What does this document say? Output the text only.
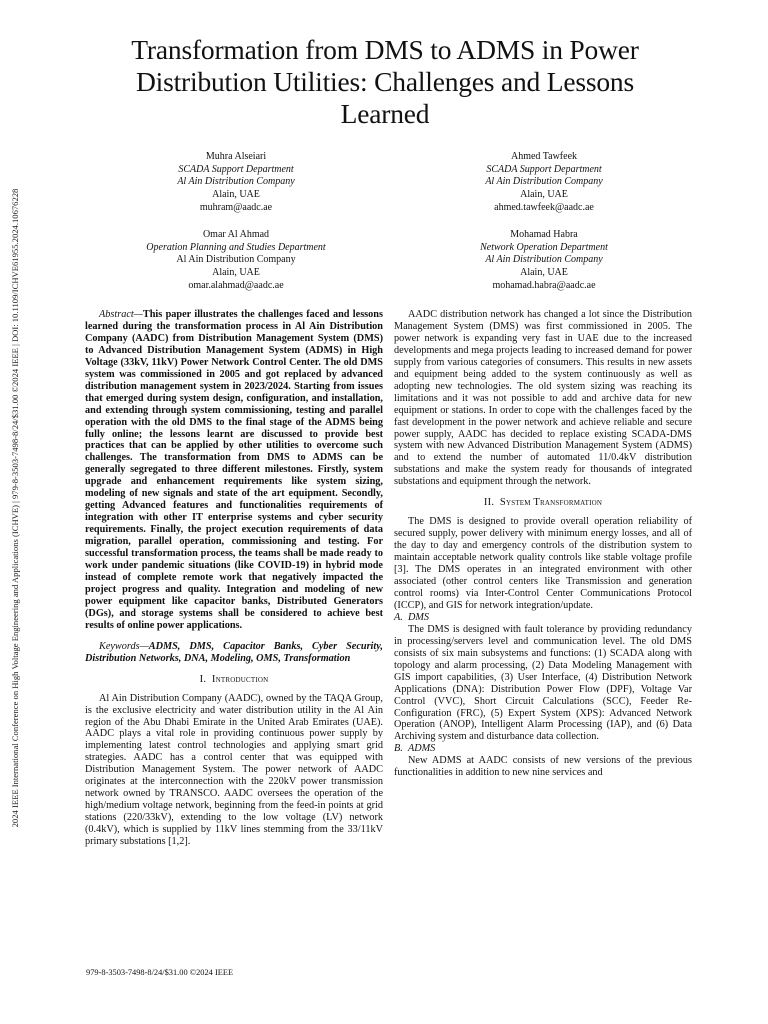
2024 IEEE International Conference on High Voltage Engineering and Applications (ICHVE) | 979-8-3503-7498-8/24/$31.00 ©2024 IEEE | DOI: 10.1109/ICHVE61955.2024.10676228
Transformation from DMS to ADMS in Power Distribution Utilities: Challenges and Lessons Learned
Muhra Alseiari
SCADA Support Department
Al Ain Distribution Company
Alain, UAE
muhram@aadc.ae
Ahmed Tawfeek
SCADA Support Department
Al Ain Distribution Company
Alain, UAE
ahmed.tawfeek@aadc.ae
Omar Al Ahmad
Operation Planning and Studies Department
Al Ain Distribution Company
Alain, UAE
omar.alahmad@aadc.ae
Mohamad Habra
Network Operation Department
Al Ain Distribution Company
Alain, UAE
mohamad.habra@aadc.ae

Abstract—This paper illustrates the challenges faced and lessons learned during the transformation process in Al Ain Distribution Company (AADC) from Distribution Management System (DMS) to Advanced Distribution Management System (ADMS) in High Voltage (33kV, 11kV) Power Network Control Center. The old DMS system was commissioned in 2005 and got replaced by advanced distribution management system in 2023/2024. Starting from issues that emerged during system design, configuration, and installation, and extending through system commissioning, testing and parallel operation with the old DMS to the final stage of the ADMS being fully online; the lessons learnt are discussed to provide best practices that can be applied by other utilities to overcome such challenges. The transformation from DMS to ADMS can be generally segregated to three different milestones. Firstly, system upgrade and enhancement requirements like system sizing, modeling of new signals and state of the art equipment. Secondly, getting Advanced features and functionalities requirements of integration with other IT enterprise systems and cyber security requirements. Finally, the project execution requirements of data migration, parallel operation, commissioning and testing. For successful transformation process, the teams shall be made ready to work under pandemic situations (like COVID-19) in hybrid mode instead of complete remote work that negatively impacted the project progress and quality. Integration and modeling of new power equipment like capacitor banks, Distributed Generators (DGs), and storage systems shall be considered to achieve best results of online power applications.

Keywords—ADMS, DMS, Capacitor Banks, Cyber Security, Distribution Networks, DNA, Modeling, OMS, Transformation

I. Introduction

Al Ain Distribution Company (AADC), owned by the TAQA Group, is the exclusive electricity and water distribution utility in the Al Ain region of the Abu Dhabi Emirate in the United Arab Emirates (UAE). AADC plays a vital role in providing continuous power supply by implementing latest control technologies and applying smart grid strategies. AADC has a control center that was equipped with Distribution Management System. The power network of AADC originates at the interconnection with the 220kV power transmission network owned by TRANSCO. AADC oversees the operation of the high/medium voltage network, beginning from the feed-in points at grid stations (220/33kV), extending to the low voltage (LV) network (0.4kV), which is supplied by 11kV lines stemming from the 33/11kV primary substations [1,2].

AADC distribution network has changed a lot since the Distribution Management System (DMS) was first commissioned in 2005. The power network is expanding very fast in UAE due to the increased developments and mega projects leading to increased demand for power supply from various categories of consumers. This results in new assets and equipment being added to the system continuously as well as adopting new technologies. The old system sizing was reaching its limitations and it was not possible to add and archive data for new equipment or stations. In order to cope with the challenges faced by the fast development in the power network and achieve reliable and secure power supply, AADC has decided to replace existing SCADA-DMS system with new Advanced Distribution Management System (ADMS) and to extend the number of automated 11/0.4kV distribution substations and make the system ready for thousands of integrated substations and equipment through the network.

II. System Transformation

The DMS is designed to provide overall operation reliability of secured supply, power delivery with minimum energy losses, and all of the day to day and emergency controls of the distribution system to maintain acceptable network quality controls like stable voltage profile [3]. The DMS operates in an integrated environment with other associated (other control centers like Transmission and generation control rooms) via Inter-Control Center Communications Protocol (ICCP), and GIS for network integration/update.

A. DMS

The DMS is designed with fault tolerance by providing redundancy in processing/servers level and communication level. The old DMS consists of six main subsystems and functions: (1) SCADA along with topology and alarm processing, (2) Data Modeling Management with GIS import capabilities, (3) User Interface, (4) Distribution Network Applications (DNA): Distribution Power Flow (DPF), Voltage Var Control (VVC), Short Circuit Calculations (SCC), Feeder Re-Configuration (FRC), (5) Expert System (XPS): Advanced Network Operation (ANOP), Intelligent Alarm Processing (IAP), and (6) Data Archiving system and disturbance data collection.

B. ADMS

New ADMS at AADC consists of new versions of the previous functionalities in addition to new nine services and

979-8-3503-7498-8/24/$31.00 ©2024 IEEE
